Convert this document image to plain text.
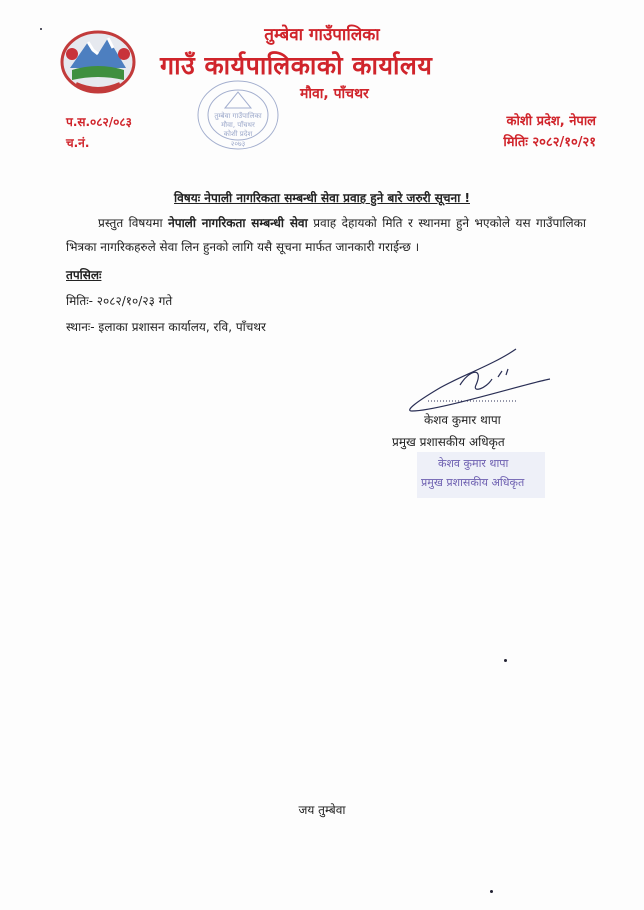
तुम्बेवा गाउँपालिका
गाउँ कार्यपालिकाको कार्यालय
मौवा, पाँचथर
तुम्बेवा गाउँपालिका
मौवा, पाँचथर
कोशी प्रदेश
२०७३
प.स.०८२/०८३
च.नं.
कोशी प्रदेश, नेपाल
मितिः २०८२/१०/२१
विषयः नेपाली नागरिकता सम्बन्धी सेवा प्रवाह हुने बारे जरुरी सूचना !
प्रस्तुत विषयमा नेपाली नागरिकता सम्बन्धी सेवा प्रवाह देहायको मिति र स्थानमा हुने भएकोले यस गाउँपालिका भित्रका नागरिकहरुले सेवा लिन हुनको लागि यसै सूचना मार्फत जानकारी गराईन्छ ।
तपसिलः
मितिः- २०८२/१०/२३ गते
स्थानः- इलाका प्रशासन कार्यालय, रवि, पाँचथर
केशव कुमार थापा
प्रमुख प्रशासकीय अधिकृत
केशव कुमार थापा
प्रमुख प्रशासकीय अधिकृत
जय तुम्बेवा
